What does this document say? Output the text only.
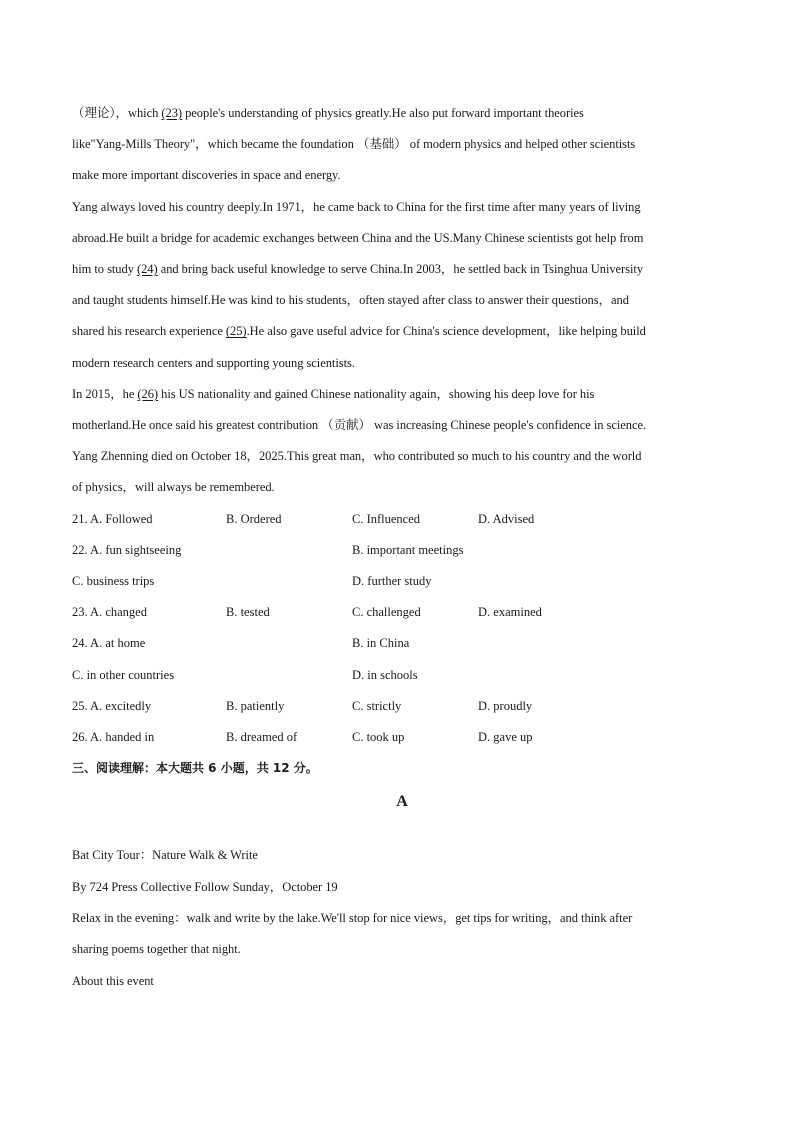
（理论），which (23) people's understanding of physics greatly.He also put forward important theories
like"Yang-Mills Theory"，which became the foundation （基础） of modern physics and helped other scientists
make more important discoveries in space and energy.
Yang always loved his country deeply.In 1971，he came back to China for the first time after many years of living
abroad.He built a bridge for academic exchanges between China and the US.Many Chinese scientists got help from
him to study (24) and bring back useful knowledge to serve China.In 2003，he settled back in Tsinghua University
and taught students himself.He was kind to his students，often stayed after class to answer their questions，and
shared his research experience (25).He also gave useful advice for China's science development，like helping build
modern research centers and supporting young scientists.
In 2015，he (26) his US nationality and gained Chinese nationality again，showing his deep love for his
motherland.He once said his greatest contribution （贡献） was increasing Chinese people's confidence in science.
Yang Zhenning died on October 18，2025.This great man，who contributed so much to his country and the world
of physics，will always be remembered.
21. A. Followed	B. Ordered	C. Influenced	D. Advised
22. A. fun sightseeing	B. important meetings
C. business trips	D. further study
23. A. changed	B. tested	C. challenged	D. examined
24. A. at home	B. in China
C. in other countries	D. in schools
25. A. excitedly	B. patiently	C. strictly	D. proudly
26. A. handed in	B. dreamed of	C. took up	D. gave up
三、阅读理解：本大题共 6 小题，共 12 分。
A
Bat City Tour：Nature Walk & Write
By 724 Press Collective Follow Sunday，October 19
Relax in the evening：walk and write by the lake.We'll stop for nice views，get tips for writing，and think after
sharing poems together that night.
About this event
